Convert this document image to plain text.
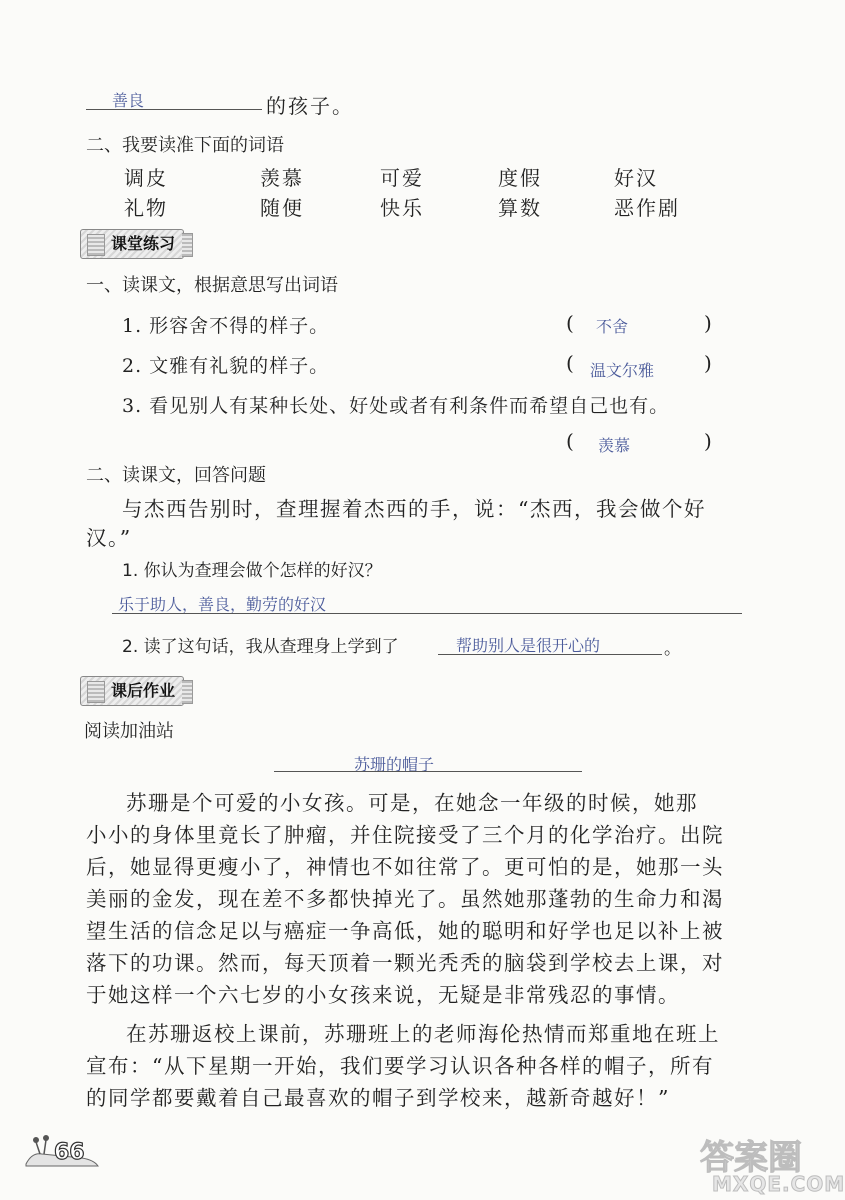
善良	的孩子。
二、我要读准下面的词语
调皮	羡慕	可爱	度假	好汉
礼物	随便	快乐	算数	恶作剧
课堂练习
一、读课文，根据意思写出词语
1. 形容舍不得的样子。	( 不舍	)
2. 文雅有礼貌的样子。	( 温文尔雅 )
3. 看见别人有某种长处、好处或者有利条件而希望自己也有。
( 羡慕	)
二、读课文，回答问题
与杰西告别时，查理握着杰西的手，说：“杰西，我会做个好
汉。”
1. 你认为查理会做个怎样的好汉？
乐于助人，善良，勤劳的好汉
2. 读了这句话，我从查理身上学到了	帮助别人是很开心的	。
课后作业
阅读加油站
苏珊的帽子
苏珊是个可爱的小女孩。可是，在她念一年级的时候，她那
小小的身体里竟长了肿瘤，并住院接受了三个月的化学治疗。出院
后，她显得更瘦小了，神情也不如往常了。更可怕的是，她那一头
美丽的金发，现在差不多都快掉光了。虽然她那蓬勃的生命力和渴
望生活的信念足以与癌症一争高低，她的聪明和好学也足以补上被
落下的功课。然而，每天顶着一颗光秃秃的脑袋到学校去上课，对
于她这样一个六七岁的小女孩来说，无疑是非常残忍的事情。
在苏珊返校上课前，苏珊班上的老师海伦热情而郑重地在班上
宣布：“从下星期一开始，我们要学习认识各种各样的帽子，所有
的同学都要戴着自己最喜欢的帽子到学校来，越新奇越好！”
66	答案圈
MXQE.COM
